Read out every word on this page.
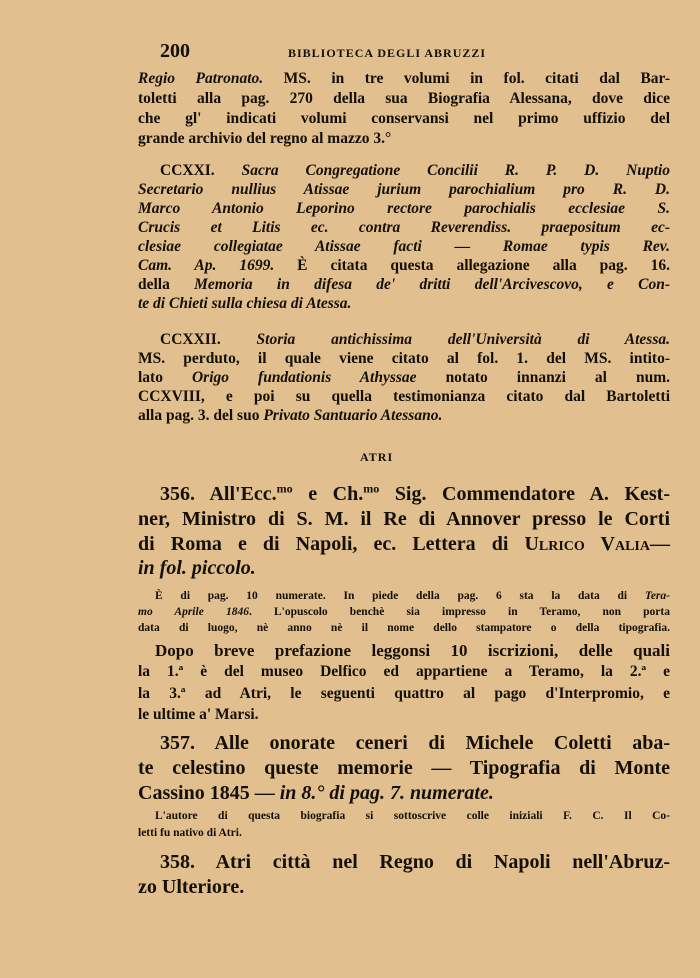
200	BIBLIOTECA DEGLI ABRUZZI
Regio Patronato. MS. in tre volumi in fol. citati dal Bar-
toletti alla pag. 270 della sua Biografia Alessana, dove dice
che gl' indicati volumi conservansi nel primo uffizio del
grande archivio del regno al mazzo 3.°
CCXXI. Sacra Congregatione Concilii R. P. D. Nuptio
Secretario nullius Atissae jurium parochialium pro R. D.
Marco Antonio Leporino rectore parochialis ecclesiae S.
Crucis et Litis ec. contra Reverendiss. praepositum ec-
clesiae collegiatae Atissae facti — Romae typis Rev.
Cam. Ap. 1699. È citata questa allegazione alla pag. 16.
della Memoria in difesa de' dritti dell'Arcivescovo, e Con-
te di Chieti sulla chiesa di Atessa.
CCXXII. Storia antichissima dell'Università di Atessa.
MS. perduto, il quale viene citato al fol. 1. del MS. intito-
lato Origo fundationis Athyssae notato innanzi al num.
CCXVIII, e poi su quella testimonianza citato dal Bartoletti
alla pag. 3. del suo Privato Santuario Atessano.
ATRI
356. All'Ecc.$^{mo}$ e Ch.$^{mo}$ Sig. Commendatore A. Kest-
ner, Ministro di S. M. il Re di Annover presso le Corti
di Roma e di Napoli, ec. Lettera di Ulrico Valia—
in fol. piccolo.
È di pag. 10 numerate. In piede della pag. 6 sta la data di Tera-
mo Aprile 1846. L'opuscolo benchè sia impresso in Teramo, non porta
data di luogo, nè anno nè il nome dello stampatore o della tipografia.
Dopo breve prefazione leggonsi 10 iscrizioni, delle quali
la 1.ª è del museo Delfico ed appartiene a Teramo, la 2.ª e
la 3.ª ad Atri, le seguenti quattro al pago d'Interpromio, e
le ultime a' Marsi.
357. Alle onorate ceneri di Michele Coletti aba-
te celestino queste memorie — Tipografia di Monte
Cassino 1845 — in 8.° di pag. 7. numerate.
L'autore di questa biografia si sottoscrive colle iniziali F. C. Il Co-
letti fu nativo di Atri.
358. Atri città nel Regno di Napoli nell'Abruz-
zo Ulteriore.
